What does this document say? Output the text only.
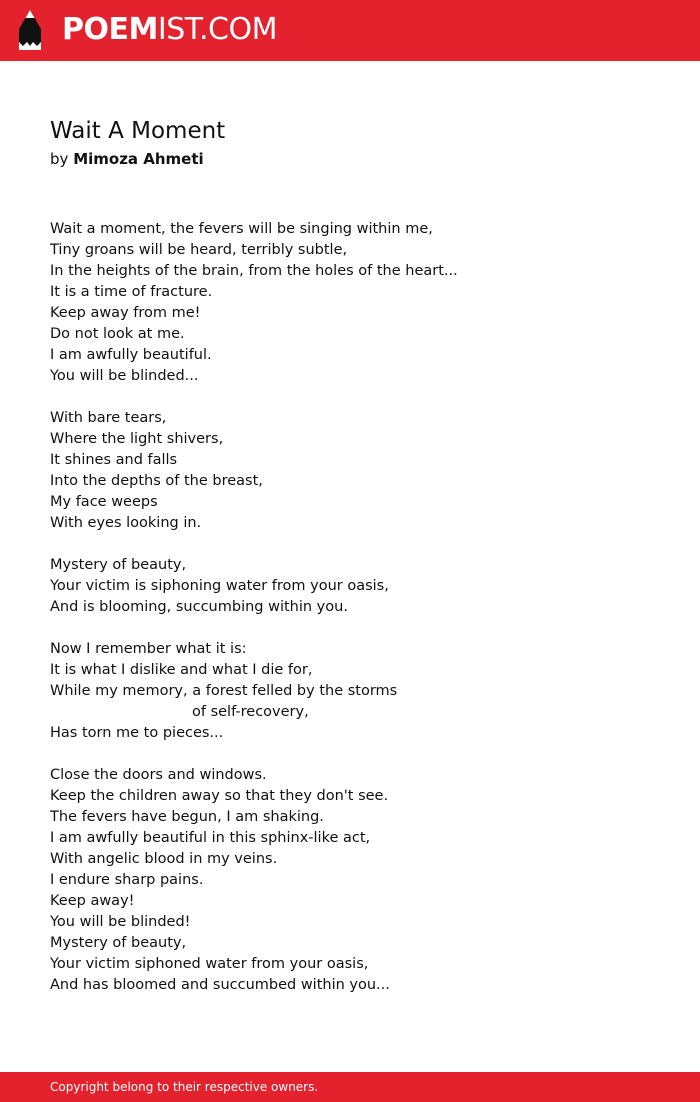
POEMIST.COM
Wait A Moment
by Mimoza Ahmeti
Wait a moment, the fevers will be singing within me,
Tiny groans will be heard, terribly subtle,
In the heights of the brain, from the holes of the heart...
It is a time of fracture.
Keep away from me!
Do not look at me.
I am awfully beautiful.
You will be blinded...
With bare tears,
Where the light shivers,
It shines and falls
Into the depths of the breast,
My face weeps
With eyes looking in.
Mystery of beauty,
Your victim is siphoning water from your oasis,
And is blooming, succumbing within you.
Now I remember what it is:
It is what I dislike and what I die for,
While my memory, a forest felled by the storms
of self-recovery,
Has torn me to pieces...
Close the doors and windows.
Keep the children away so that they don't see.
The fevers have begun, I am shaking.
I am awfully beautiful in this sphinx-like act,
With angelic blood in my veins.
I endure sharp pains.
Keep away!
You will be blinded!
Mystery of beauty,
Your victim siphoned water from your oasis,
And has bloomed and succumbed within you...
Copyright belong to their respective owners.
